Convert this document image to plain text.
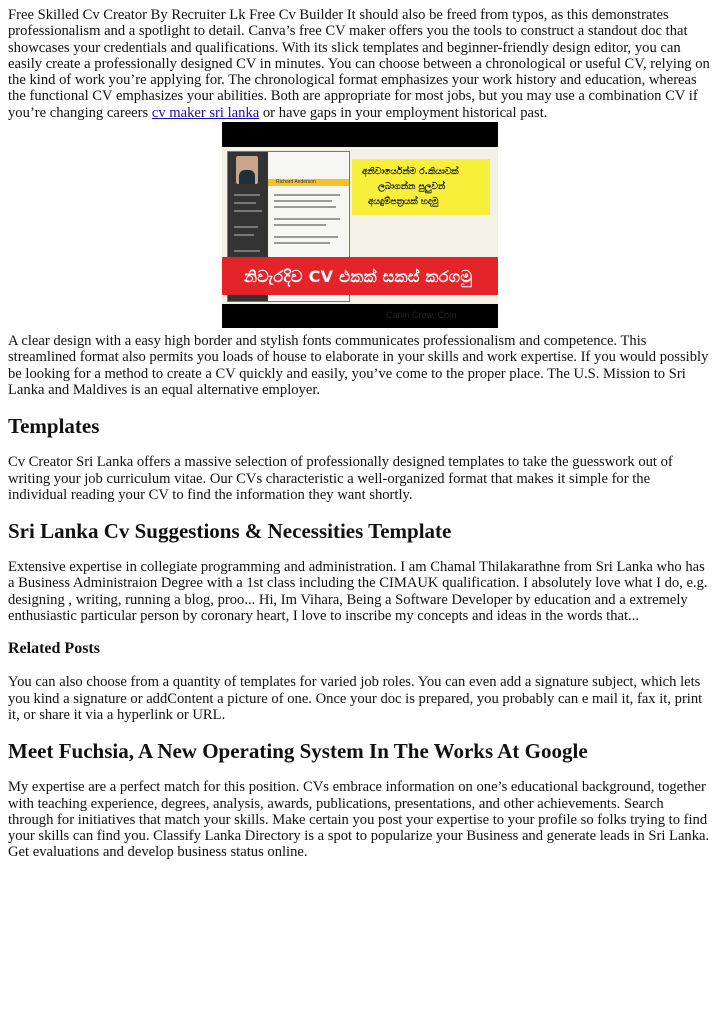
Free Skilled Cv Creator By Recruiter Lk Free Cv Builder It should also be freed from typos, as this demonstrates professionalism and a spotlight to detail. Canva’s free CV maker offers you the tools to construct a standout doc that showcases your credentials and qualifications. With its slick templates and beginner-friendly design editor, you can easily create a professionally designed CV in minutes. You can choose between a chronological or useful CV, relying on the kind of work you’re applying for. The chronological format emphasizes your work history and education, whereas the functional CV emphasizes your abilities. Both are appropriate for most jobs, but you may use a combination CV if you’re changing careers cv maker sri lanka or have gaps in your employment historical past.

Richard Anderson
අනිවාර්යෙන්ම ර.කියාවක්
ලබාගන්න පුලුවන්
අයදුම්පත්‍රයක් හදමු
නිවැරදිව CV එකක් සකස් කරගමු
Cabin Crew. Com

A clear design with a easy high border and stylish fonts communicates professionalism and competence. This streamlined format also permits you loads of house to elaborate in your skills and work expertise. If you would possibly be looking for a method to create a CV quickly and easily, you’ve come to the proper place. The U.S. Mission to Sri Lanka and Maldives is an equal alternative employer.

Templates

Cv Creator Sri Lanka offers a massive selection of professionally designed templates to take the guesswork out of writing your job curriculum vitae. Our CVs characteristic a well-organized format that makes it simple for the individual reading your CV to find the information they want shortly.

Sri Lanka Cv Suggestions & Necessities Template

Extensive expertise in collegiate programming and administration. I am Chamal Thilakarathne from Sri Lanka who has a Business Administraion Degree with a 1st class including the CIMAUK qualification. I absolutely love what I do, e.g. designing , writing, running a blog, proo... Hi, Im Vihara, Being a Software Developer by education and a extremely enthusiastic particular person by coronary heart, I love to inscribe my concepts and ideas in the words that...

Related Posts

You can also choose from a quantity of templates for varied job roles. You can even add a signature subject, which lets you kind a signature or addContent a picture of one. Once your doc is prepared, you probably can e mail it, fax it, print it, or share it via a hyperlink or URL.

Meet Fuchsia, A New Operating System In The Works At Google

My expertise are a perfect match for this position. CVs embrace information on one’s educational background, together with teaching experience, degrees, analysis, awards, publications, presentations, and other achievements. Search through for initiatives that match your skills. Make certain you post your expertise to your profile so folks trying to find your skills can find you. Classify Lanka Directory is a spot to popularize your Business and generate leads in Sri Lanka. Get evaluations and develop business status online.
